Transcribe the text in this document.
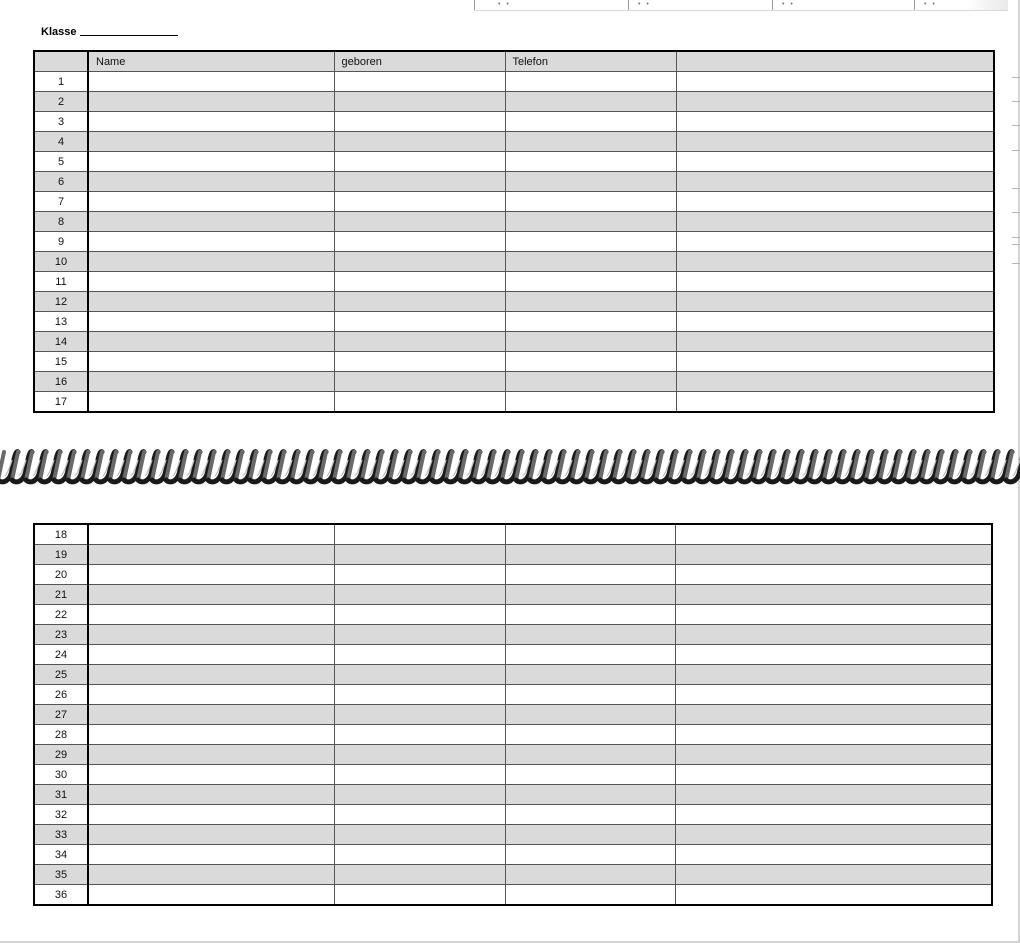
• •	• •	• •	• •
Klasse
	Name	geboren	Telefon	
1				
2				
3				
4				
5				
6				
7				
8				
9				
10				
11				
12				
13				
14				
15				
16				
17				
18				
19				
20				
21				
22				
23				
24				
25				
26				
27				
28				
29				
30				
31				
32				
33				
34				
35				
36				
